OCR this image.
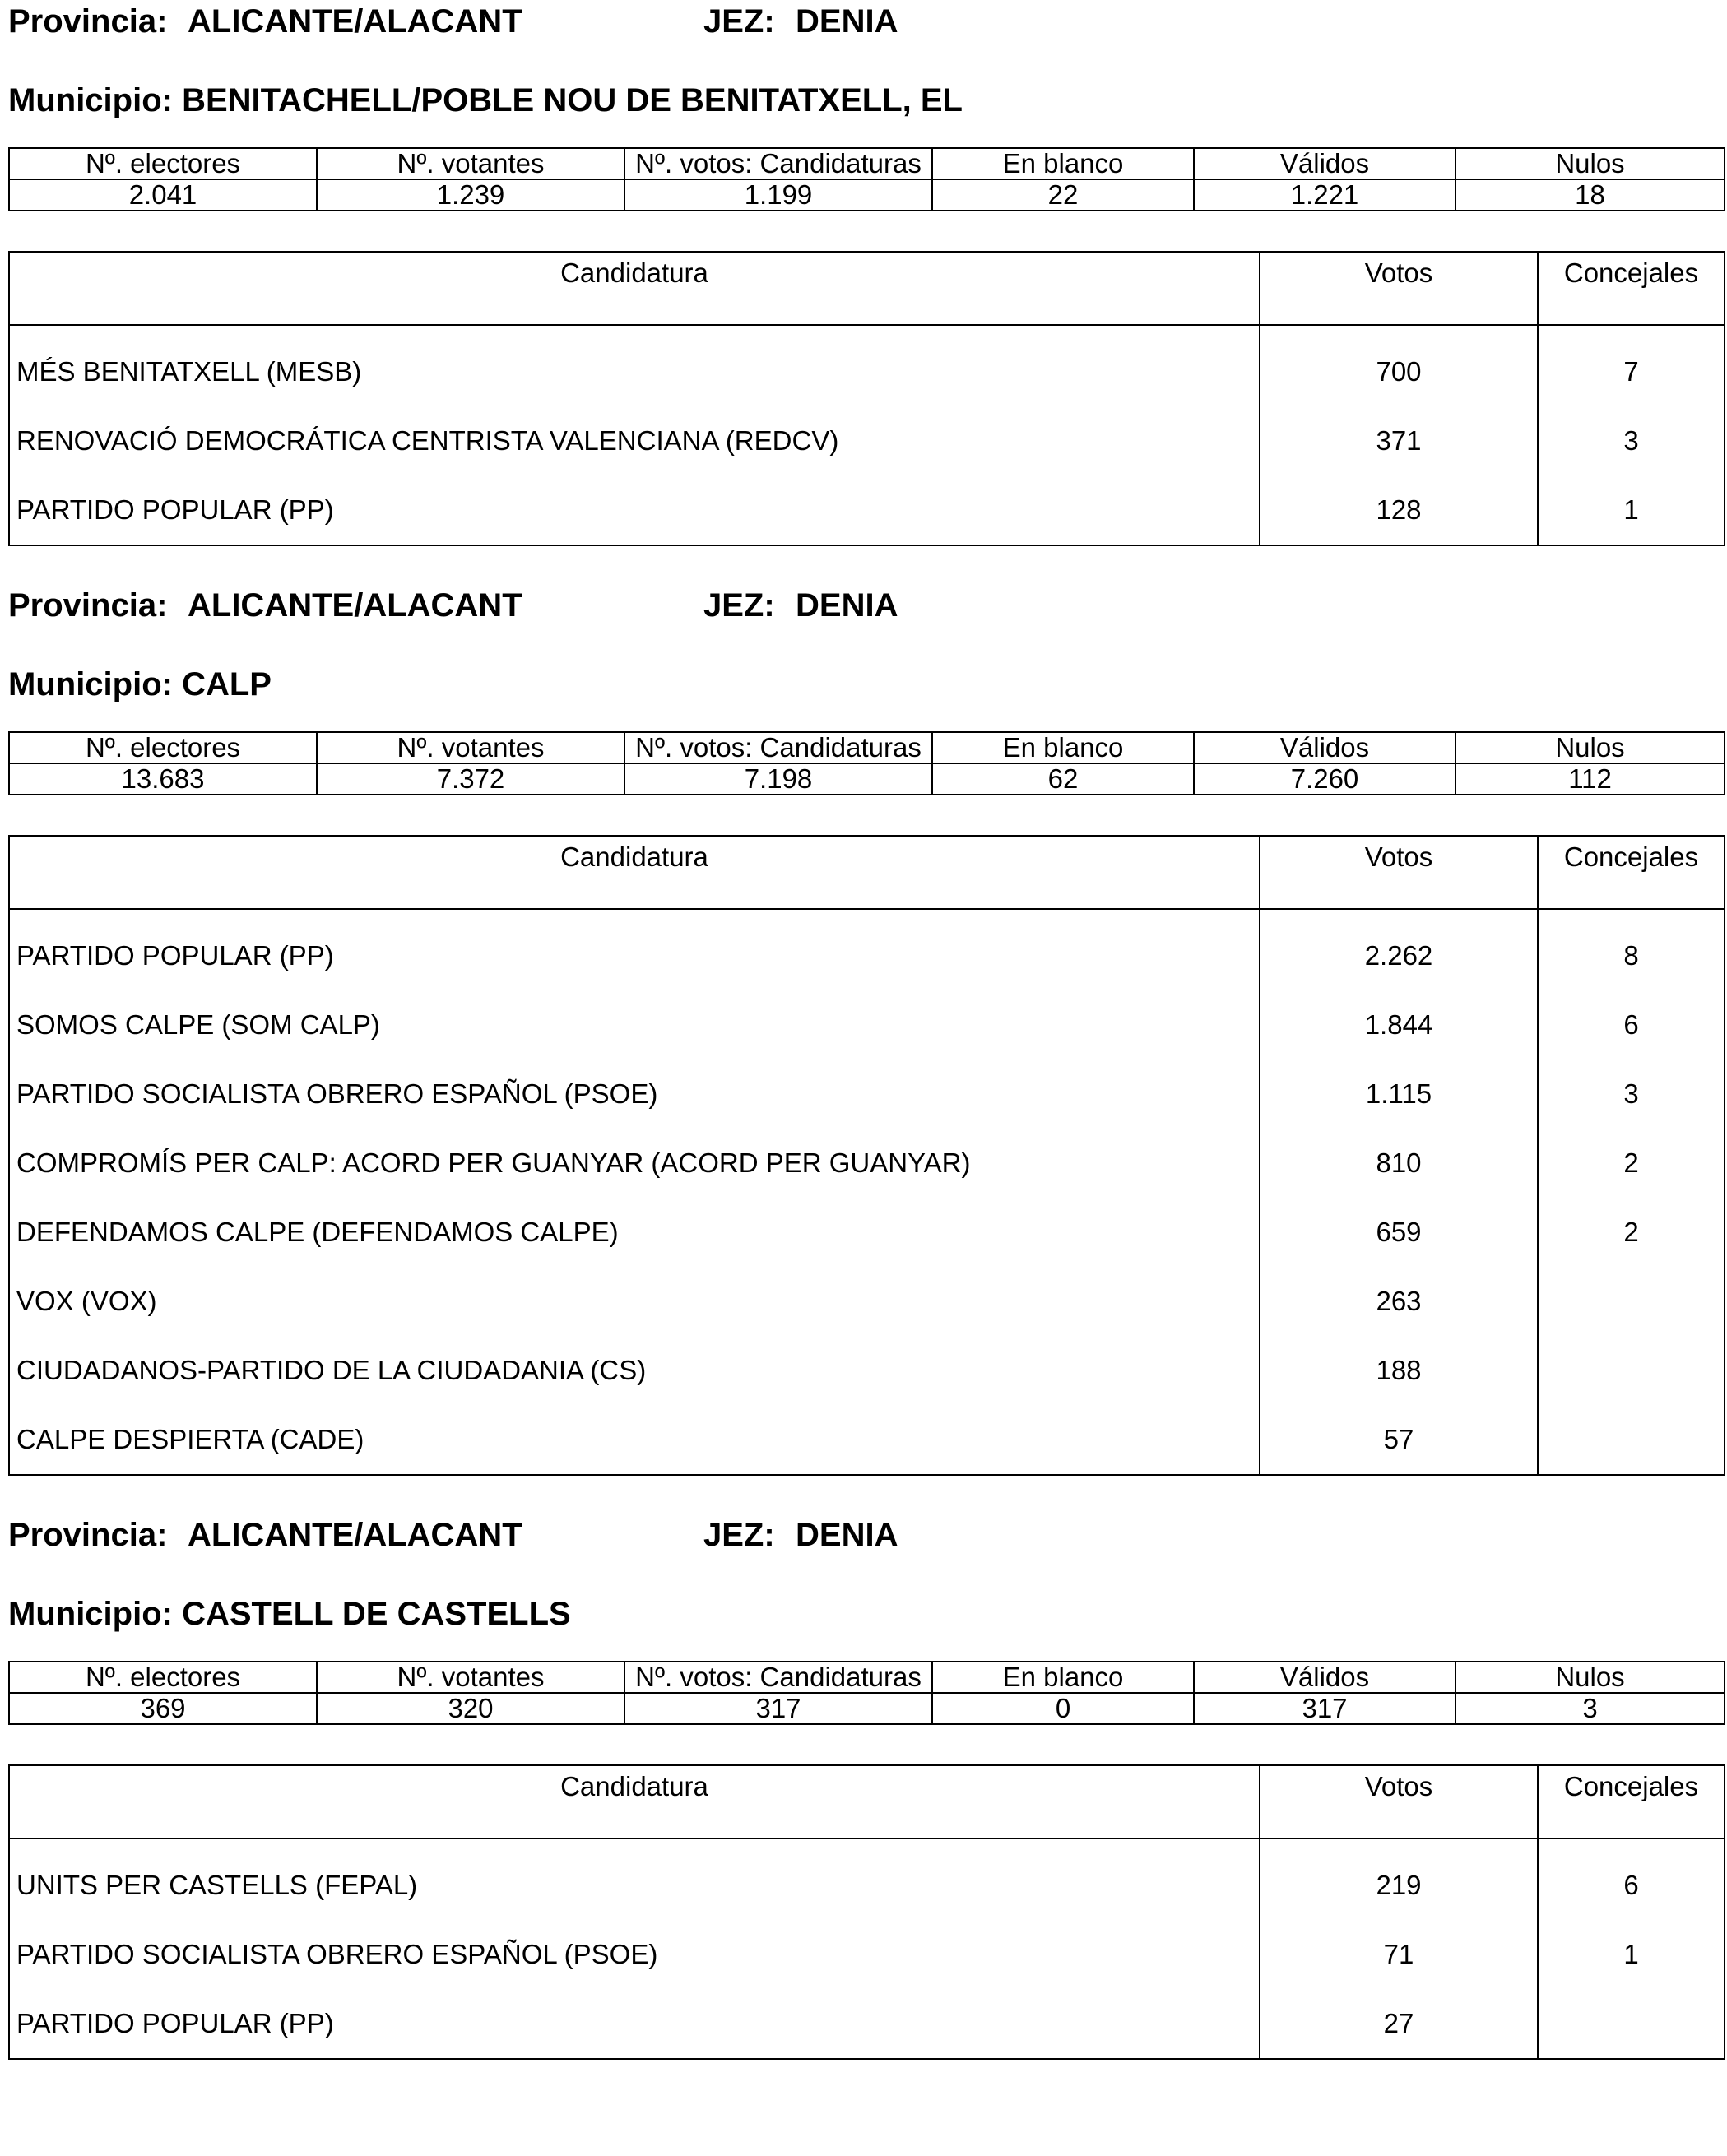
Provincia: ALICANTE/ALACANT	JEZ: DENIA
Municipio: BENITACHELL/POBLE NOU DE BENITATXELL, EL
Nº. electores	Nº. votantes	Nº. votos: Candidaturas	En blanco	Válidos	Nulos
2.041	1.239	1.199	22	1.221	18
Candidatura	Votos	Concejales
MÉS BENITATXELL (MESB)	700	7
RENOVACIÓ DEMOCRÁTICA CENTRISTA VALENCIANA (REDCV)	371	3
PARTIDO POPULAR (PP)	128	1
Provincia: ALICANTE/ALACANT	JEZ: DENIA
Municipio: CALP
Nº. electores	Nº. votantes	Nº. votos: Candidaturas	En blanco	Válidos	Nulos
13.683	7.372	7.198	62	7.260	112
Candidatura	Votos	Concejales
PARTIDO POPULAR (PP)	2.262	8
SOMOS CALPE (SOM CALP)	1.844	6
PARTIDO SOCIALISTA OBRERO ESPAÑOL (PSOE)	1.115	3
COMPROMÍS PER CALP: ACORD PER GUANYAR (ACORD PER GUANYAR)	810	2
DEFENDAMOS CALPE (DEFENDAMOS CALPE)	659	2
VOX (VOX)	263	
CIUDADANOS-PARTIDO DE LA CIUDADANIA (CS)	188	
CALPE DESPIERTA (CADE)	57	
Provincia: ALICANTE/ALACANT	JEZ: DENIA
Municipio: CASTELL DE CASTELLS
Nº. electores	Nº. votantes	Nº. votos: Candidaturas	En blanco	Válidos	Nulos
369	320	317	0	317	3
Candidatura	Votos	Concejales
UNITS PER CASTELLS (FEPAL)	219	6
PARTIDO SOCIALISTA OBRERO ESPAÑOL (PSOE)	71	1
PARTIDO POPULAR (PP)	27	
